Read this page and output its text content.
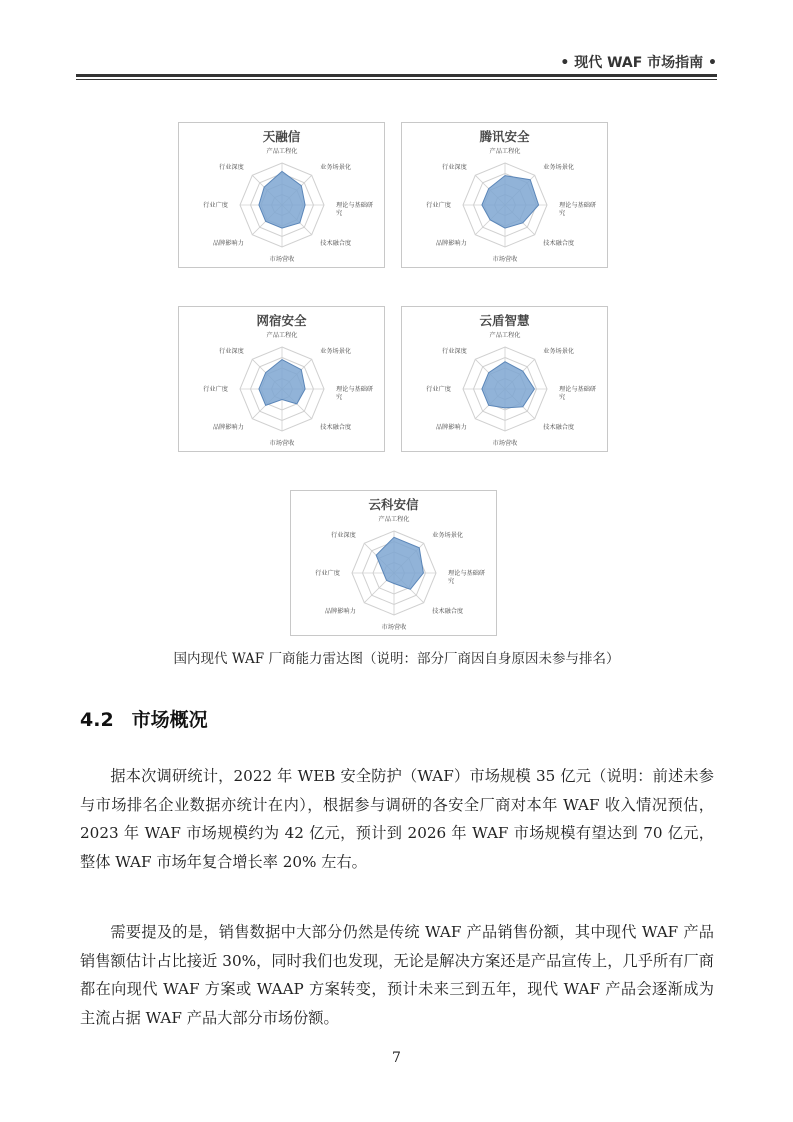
• 现代 WAF 市场指南 •
产品工程化
业务场景化
理论与基础研究
技术融合度
市场营收
品牌影响力
行业广度
行业深度
天融信
产品工程化
业务场景化
理论与基础研究
技术融合度
市场营收
品牌影响力
行业广度
行业深度
腾讯安全
产品工程化
业务场景化
理论与基础研究
技术融合度
市场营收
品牌影响力
行业广度
行业深度
网宿安全
产品工程化
业务场景化
理论与基础研究
技术融合度
市场营收
品牌影响力
行业广度
行业深度
云盾智慧
产品工程化
业务场景化
理论与基础研究
技术融合度
市场营收
品牌影响力
行业广度
行业深度
云科安信
国内现代 WAF 厂商能力雷达图（说明：部分厂商因自身原因未参与排名）
4.2 市场概况

据本次调研统计，2022 年 WEB 安全防护（WAF）市场规模 35 亿元（说明：前述未参与市场排名企业数据亦统计在内），根据参与调研的各安全厂商对本年 WAF 收入情况预估，2023 年 WAF 市场规模约为 42 亿元，预计到 2026 年 WAF 市场规模有望达到 70 亿元，整体 WAF 市场年复合增长率 20% 左右。

需要提及的是，销售数据中大部分仍然是传统 WAF 产品销售份额，其中现代 WAF 产品销售额估计占比接近 30%，同时我们也发现，无论是解决方案还是产品宣传上，几乎所有厂商都在向现代 WAF 方案或 WAAP 方案转变，预计未来三到五年，现代 WAF 产品会逐渐成为主流占据 WAF 产品大部分市场份额。

7
